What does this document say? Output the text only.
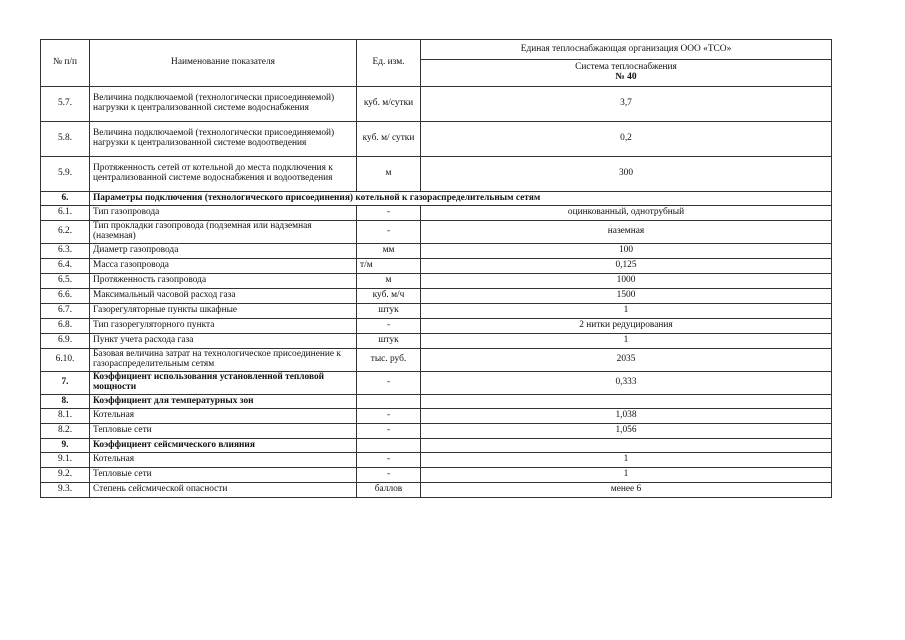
№ п/п	Наименование показателя	Ед. изм.	Единая теплоснабжающая организация ООО «ТСО»

			Система теплоснабжения
№ 40

5.7.	Величина подключаемой (технологически присоединяемой) нагрузки к централизованной системе водоснабжения	куб. м/сутки	3,7
5.8.	Величина подключаемой (технологически присоединяемой) нагрузки к централизованной системе водоотведения	куб. м/ сутки	0,2
5.9.	Протяженность сетей от котельной до места подключения к централизованной системе водоснабжения и водоотведения	м	300
6.	Параметры подключения (технологического присоединения) котельной к газораспределительным сетям		
6.1.	Тип газопровода	-	оцинкованный, однотрубный
6.2.	Тип прокладки газопровода (подземная или надземная (наземная)	-	наземная
6.3.	Диаметр газопровода	мм	100
6.4.	Масса газопровода	т/м	0,125
6.5.	Протяженность газопровода	м	1000
6.6.	Максимальный часовой расход газа	куб. м/ч	1500
6.7.	Газорегуляторные пункты шкафные	штук	1
6.8.	Тип газорегуляторного пункта	-	2 нитки редуцирования
6.9.	Пункт учета расхода газа	штук	1
6.10.	Базовая величина затрат на технологическое присоединение к газораспределительным сетям	тыс. руб.	2035
7.	Коэффициент использования установленной тепловой мощности	-	0,333
8.	Коэффициент для температурных зон		
8.1.	Котельная	-	1,038
8.2.	Тепловые сети	-	1,056
9.	Коэффициент сейсмического влияния		
9.1.	Котельная	-	1
9.2.	Тепловые сети	-	1
9.3.	Степень сейсмической опасности	баллов	менее 6
